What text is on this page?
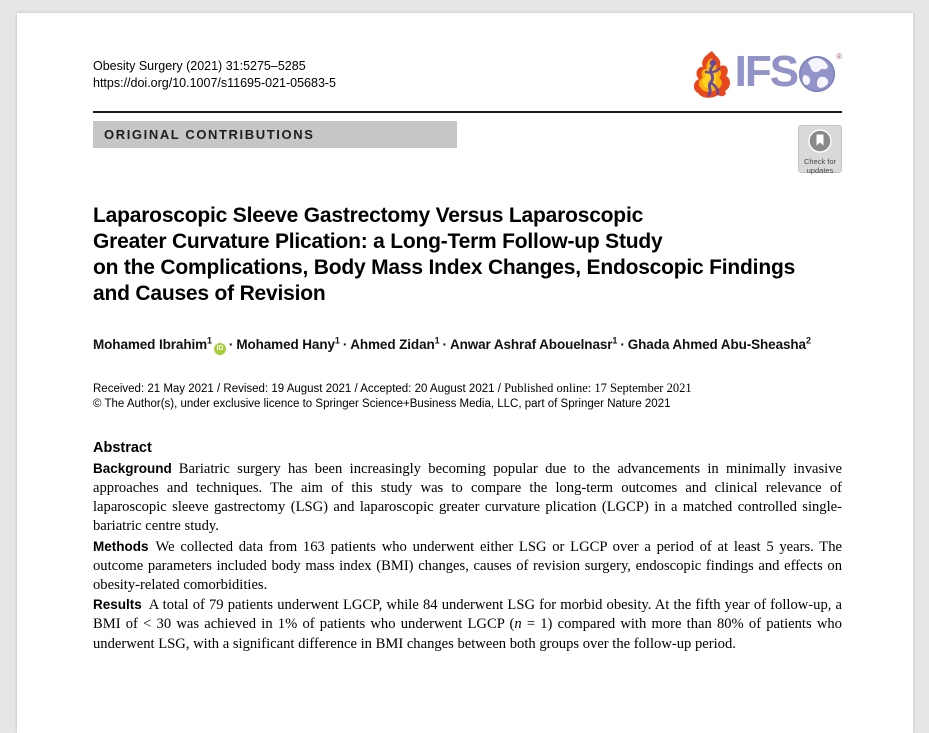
Obesity Surgery (2021) 31:5275–5285
https://doi.org/10.1007/s11695-021-05683-5	IFS	®
ORIGINAL CONTRIBUTIONS
Check for
updates
Laparoscopic Sleeve Gastrectomy Versus Laparoscopic
Greater Curvature Plication: a Long-Term Follow-up Study
on the Complications, Body Mass Index Changes, Endoscopic Findings
and Causes of Revision
Mohamed Ibrahim$^1$iD · Mohamed Hany$^1$ · Ahmed Zidan$^1$ · Anwar Ashraf Abouelnasr$^1$ · Ghada Ahmed Abu-Sheasha$^2$
Received: 21 May 2021 / Revised: 19 August 2021 / Accepted: 20 August 2021 / Published online: 17 September 2021
© The Author(s), under exclusive licence to Springer Science+Business Media, LLC, part of Springer Nature 2021
Abstract

Background Bariatric surgery has been increasingly becoming popular due to the advancements in minimally invasive approaches and techniques. The aim of this study was to compare the long-term outcomes and clinical relevance of laparoscopic sleeve gastrectomy (LSG) and laparoscopic greater curvature plication (LGCP) in a matched controlled single-bariatric centre study.

Methods We collected data from 163 patients who underwent either LSG or LGCP over a period of at least 5 years. The outcome parameters included body mass index (BMI) changes, causes of revision surgery, endoscopic findings and effects on obesity-related comorbidities.

Results A total of 79 patients underwent LGCP, while 84 underwent LSG for morbid obesity. At the fifth year of follow-up, a BMI of < 30 was achieved in 1% of patients who underwent LGCP (n = 1) compared with more than 80% of patients who underwent LSG, with a significant difference in BMI changes between both groups over the follow-up period.
